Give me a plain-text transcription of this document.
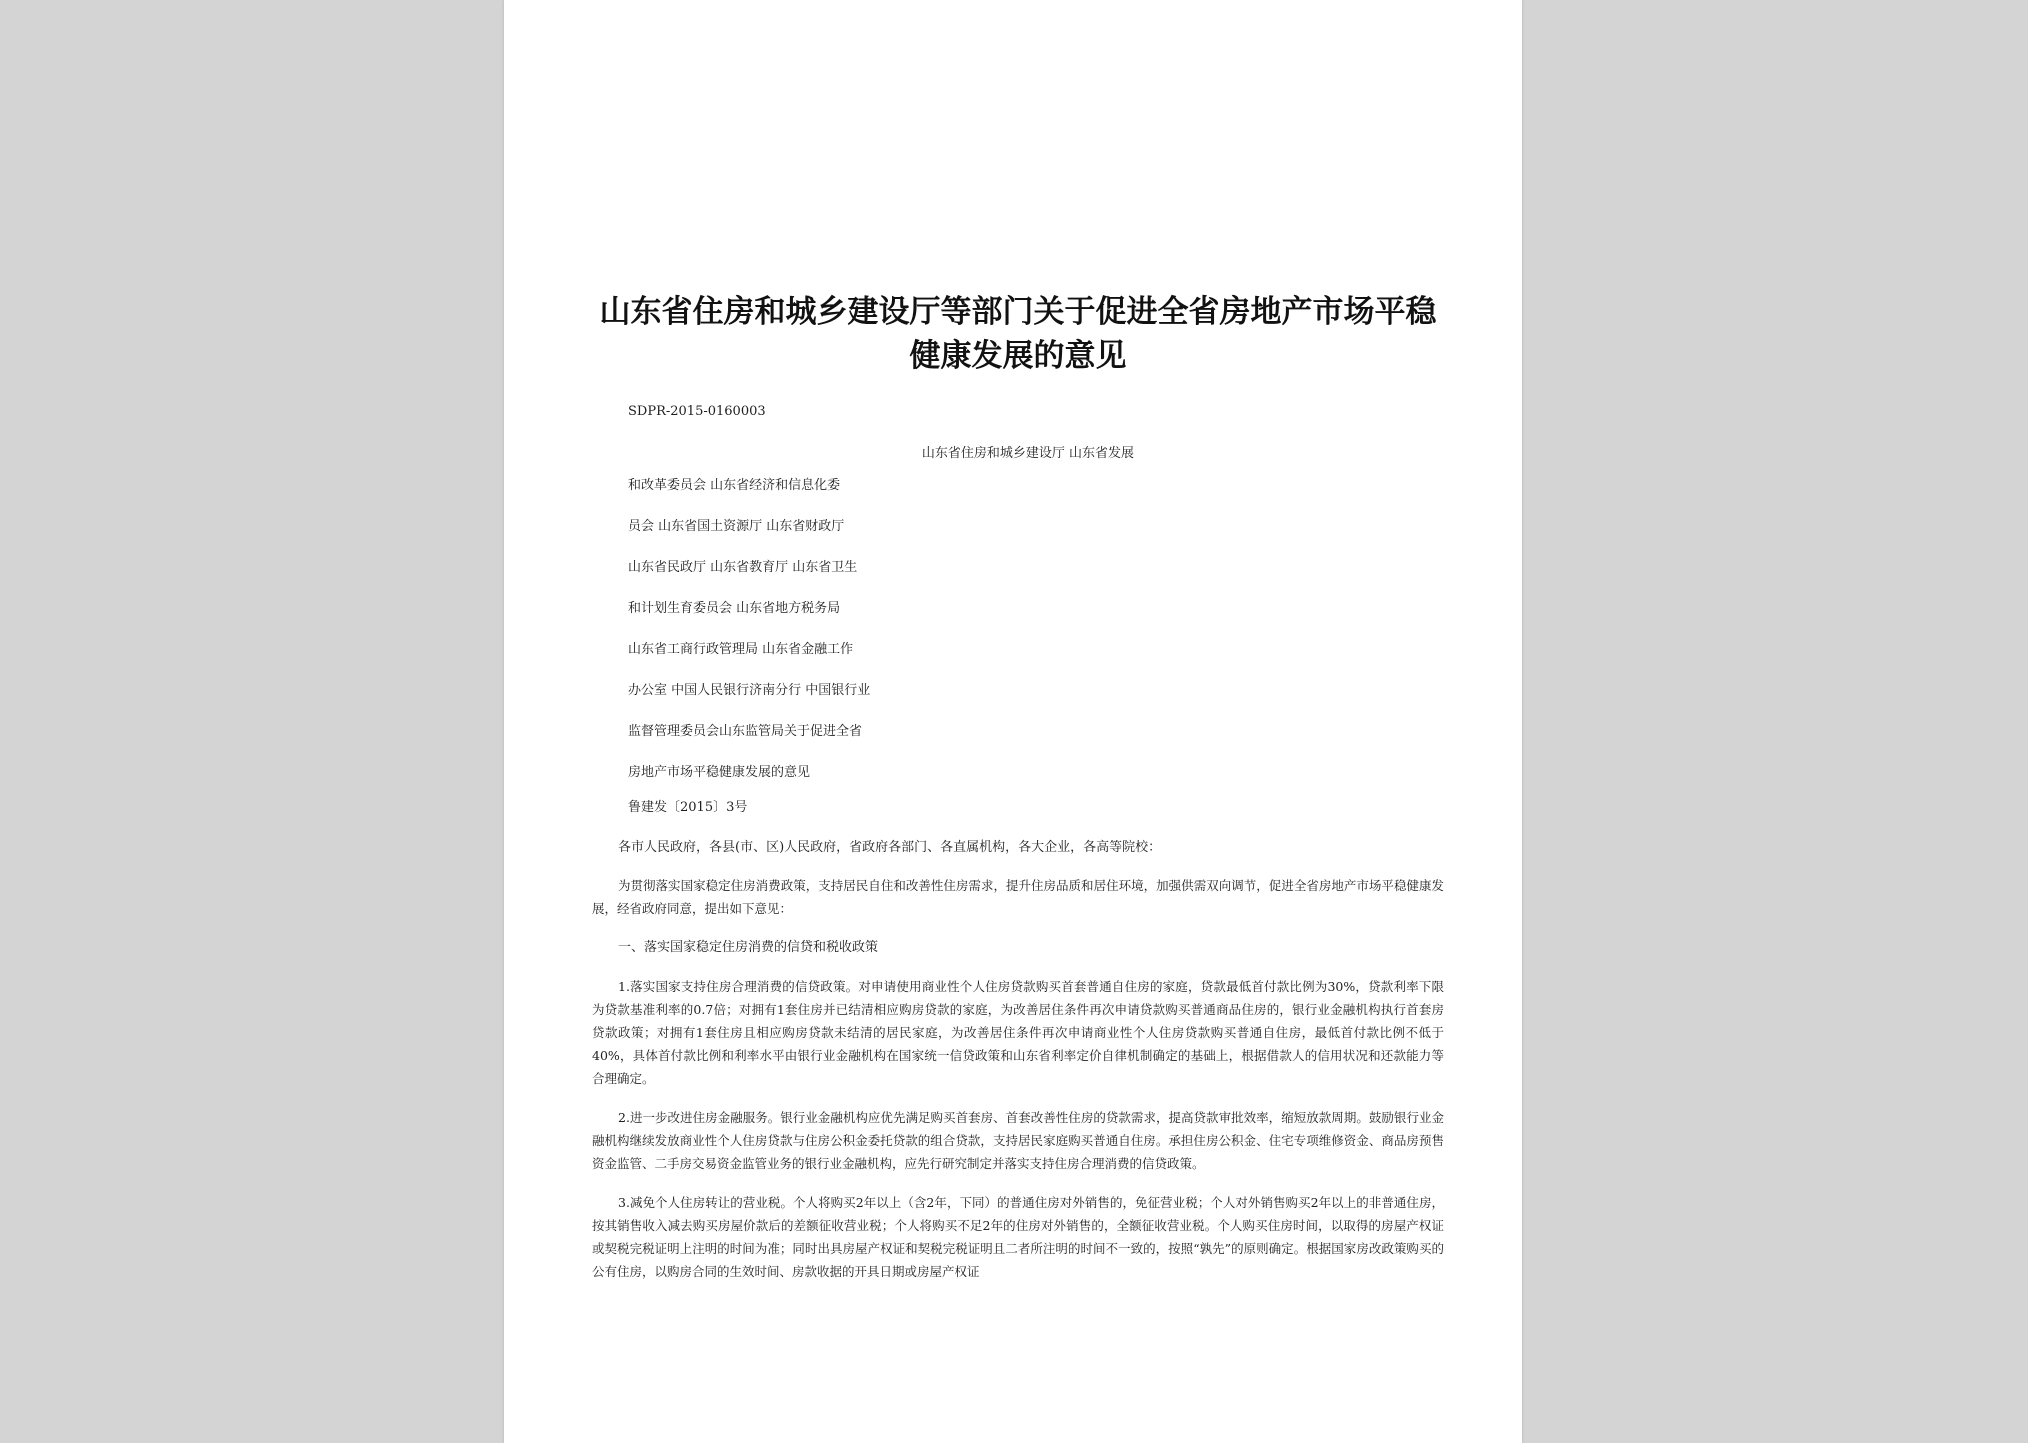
山东省住房和城乡建设厅等部门关于促进全省房地产市场平稳健康发展的意见
SDPR-2015-0160003
山东省住房和城乡建设厅 山东省发展
和改革委员会 山东省经济和信息化委
员会 山东省国土资源厅 山东省财政厅
山东省民政厅 山东省教育厅 山东省卫生
和计划生育委员会 山东省地方税务局
山东省工商行政管理局 山东省金融工作
办公室 中国人民银行济南分行 中国银行业
监督管理委员会山东监管局关于促进全省
房地产市场平稳健康发展的意见
鲁建发〔2015〕3号

各市人民政府，各县(市、区)人民政府，省政府各部门、各直属机构，各大企业，各高等院校：

为贯彻落实国家稳定住房消费政策，支持居民自住和改善性住房需求，提升住房品质和居住环境，加强供需双向调节，促进全省房地产市场平稳健康发展，经省政府同意，提出如下意见：

一、落实国家稳定住房消费的信贷和税收政策

1.落实国家支持住房合理消费的信贷政策。对申请使用商业性个人住房贷款购买首套普通自住房的家庭，贷款最低首付款比例为30%，贷款利率下限为贷款基准利率的0.7倍；对拥有1套住房并已结清相应购房贷款的家庭，为改善居住条件再次申请贷款购买普通商品住房的，银行业金融机构执行首套房贷款政策；对拥有1套住房且相应购房贷款未结清的居民家庭，为改善居住条件再次申请商业性个人住房贷款购买普通自住房，最低首付款比例不低于40%，具体首付款比例和利率水平由银行业金融机构在国家统一信贷政策和山东省利率定价自律机制确定的基础上，根据借款人的信用状况和还款能力等合理确定。

2.进一步改进住房金融服务。银行业金融机构应优先满足购买首套房、首套改善性住房的贷款需求，提高贷款审批效率，缩短放款周期。鼓励银行业金融机构继续发放商业性个人住房贷款与住房公积金委托贷款的组合贷款，支持居民家庭购买普通自住房。承担住房公积金、住宅专项维修资金、商品房预售资金监管、二手房交易资金监管业务的银行业金融机构，应先行研究制定并落实支持住房合理消费的信贷政策。

3.减免个人住房转让的营业税。个人将购买2年以上（含2年，下同）的普通住房对外销售的，免征营业税；个人对外销售购买2年以上的非普通住房，按其销售收入减去购买房屋价款后的差额征收营业税；个人将购买不足2年的住房对外销售的，全额征收营业税。个人购买住房时间，以取得的房屋产权证或契税完税证明上注明的时间为准；同时出具房屋产权证和契税完税证明且二者所注明的时间不一致的，按照“孰先”的原则确定。根据国家房改政策购买的公有住房，以购房合同的生效时间、房款收据的开具日期或房屋产权证
